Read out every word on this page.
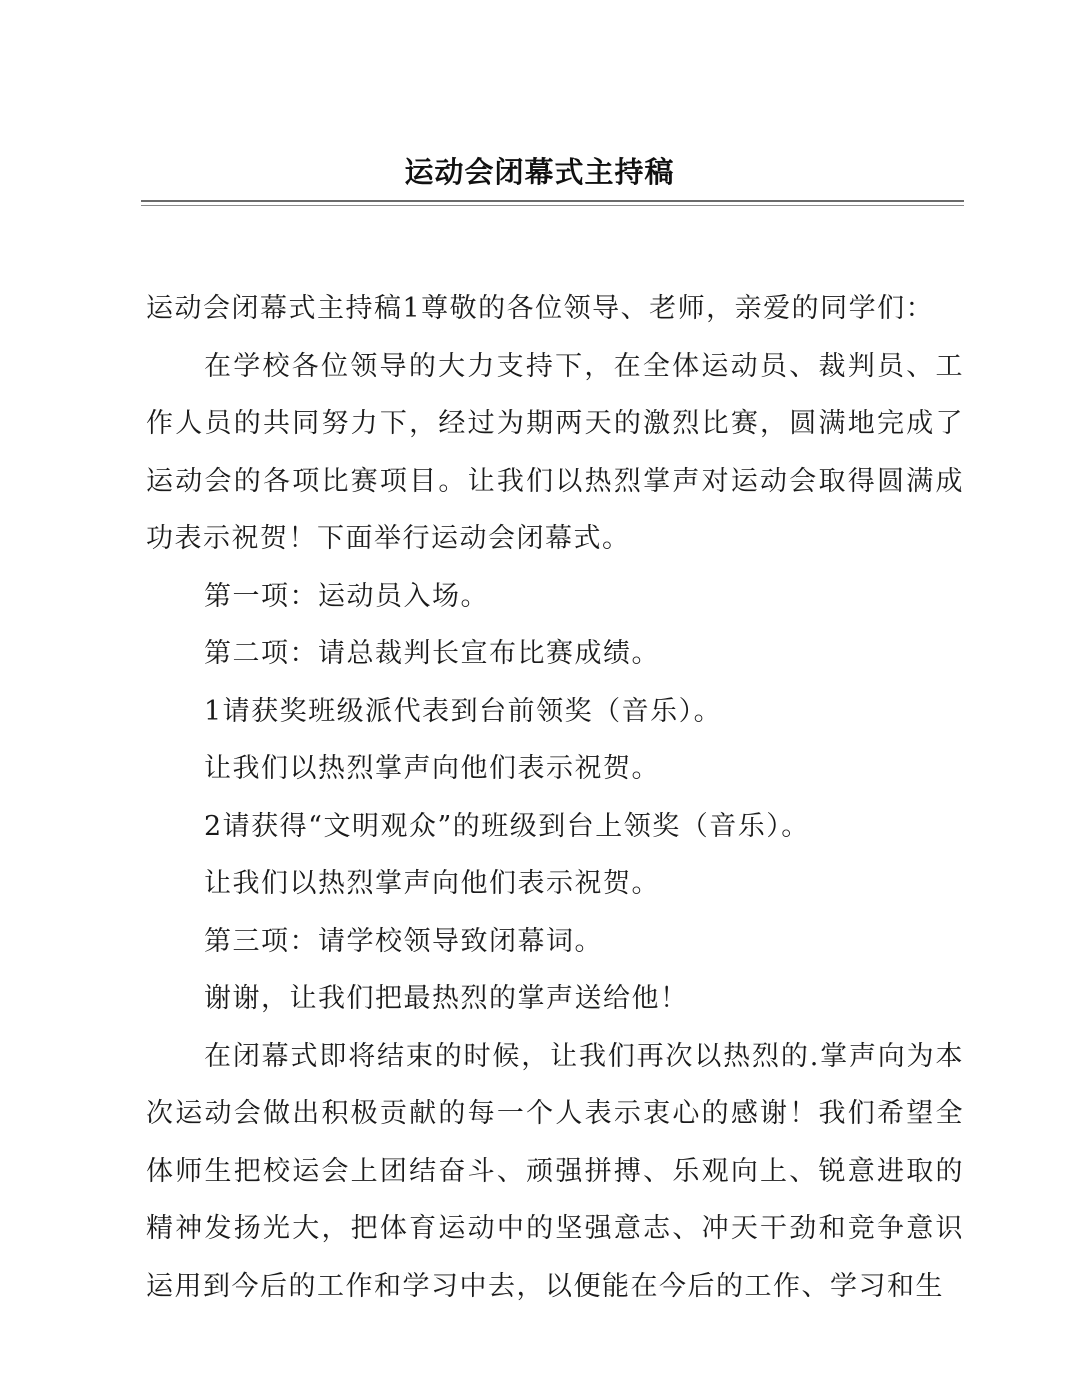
运动会闭幕式主持稿

运动会闭幕式主持稿1尊敬的各位领导、老师，亲爱的同学们：

在学校各位领导的大力支持下，在全体运动员、裁判员、工作人员的共同努力下，经过为期两天的激烈比赛，圆满地完成了运动会的各项比赛项目。让我们以热烈掌声对运动会取得圆满成功表示祝贺！下面举行运动会闭幕式。

第一项：运动员入场。

第二项：请总裁判长宣布比赛成绩。

1请获奖班级派代表到台前领奖（音乐）。

让我们以热烈掌声向他们表示祝贺。

2请获得“文明观众”的班级到台上领奖（音乐）。

让我们以热烈掌声向他们表示祝贺。

第三项：请学校领导致闭幕词。

谢谢，让我们把最热烈的掌声送给他！

在闭幕式即将结束的时候，让我们再次以热烈的.掌声向为本次运动会做出积极贡献的每一个人表示衷心的感谢！我们希望全体师生把校运会上团结奋斗、顽强拼搏、乐观向上、锐意进取的精神发扬光大，把体育运动中的坚强意志、冲天干劲和竞争意识运用到今后的工作和学习中去，以便能在今后的工作、学习和生
